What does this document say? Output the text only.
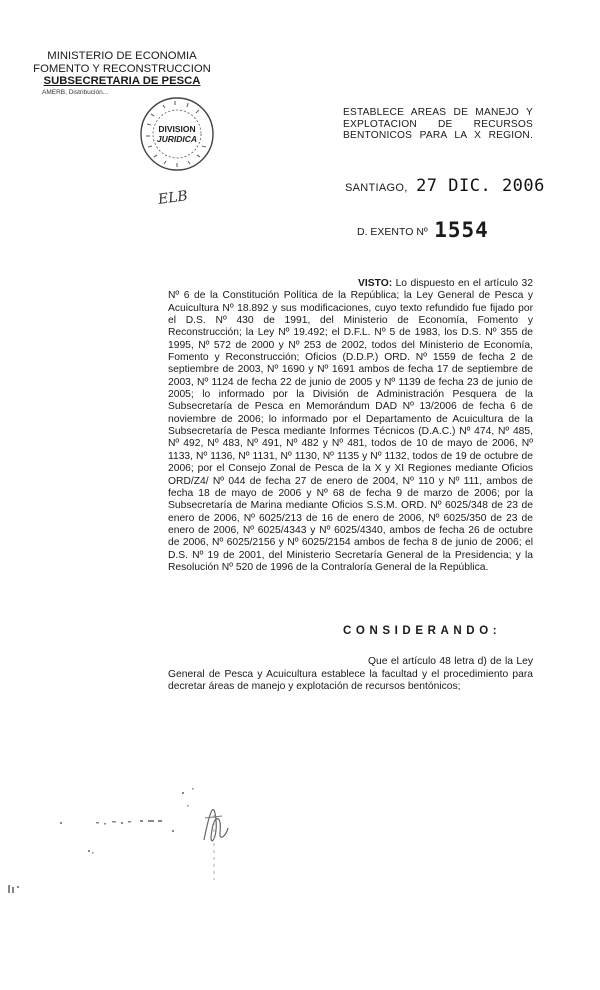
MINISTERIO DE ECONOMIA
FOMENTO Y RECONSTRUCCION
SUBSECRETARIA DE PESCA
AMERB, Distribución...
DIVISION
JURIDICA
ELB
ESTABLECE AREAS DE MANEJO Y EXPLOTACION DE RECURSOS BENTONICOS PARA LA X REGION.
SANTIAGO, 27 DIC. 2006
D. EXENTO Nº 1554
VISTO: Lo dispuesto en el artículo 32 Nº 6 de la Constitución Política de la República; la Ley General de Pesca y Acuicultura Nº 18.892 y sus modificaciones, cuyo texto refundido fue fijado por el D.S. Nº 430 de 1991, del Ministerio de Economía, Fomento y Reconstrucción; la Ley Nº 19.492; el D.F.L. Nº 5 de 1983, los D.S. Nº 355 de 1995, Nº 572 de 2000 y Nº 253 de 2002, todos del Ministerio de Economía, Fomento y Reconstrucción; Oficios (D.D.P.) ORD. Nº 1559 de fecha 2 de septiembre de 2003, Nº 1690 y Nº 1691 ambos de fecha 17 de septiembre de 2003, Nº 1124 de fecha 22 de junio de 2005 y Nº 1139 de fecha 23 de junio de 2005; lo informado por la División de Administración Pesquera de la Subsecretaría de Pesca en Memorándum DAD Nº 13/2006 de fecha 6 de noviembre de 2006; lo informado por el Departamento de Acuicultura de la Subsecretaría de Pesca mediante Informes Técnicos (D.A.C.) Nº 474, Nº 485, Nº 492, Nº 483, Nº 491, Nº 482 y Nº 481, todos de 10 de mayo de 2006, Nº 1133, Nº 1136, Nº 1131, Nº 1130, Nº 1135 y Nº 1132, todos de 19 de octubre de 2006; por el Consejo Zonal de Pesca de la X y XI Regiones mediante Oficios ORD/Z4/ Nº 044 de fecha 27 de enero de 2004, Nº 110 y Nº 111, ambos de fecha 18 de mayo de 2006 y Nº 68 de fecha 9 de marzo de 2006; por la Subsecretaría de Marina mediante Oficios S.S.M. ORD. Nº 6025/348 de 23 de enero de 2006, Nº 6025/213 de 16 de enero de 2006, Nº 6025/350 de 23 de enero de 2006, Nº 6025/4343 y Nº 6025/4340, ambos de fecha 26 de octubre de 2006, Nº 6025/2156 y Nº 6025/2154 ambos de fecha 8 de junio de 2006; el D.S. Nº 19 de 2001, del Ministerio Secretaría General de la Presidencia; y la Resolución Nº 520 de 1996 de la Contraloría General de la República.
CONSIDERANDO:
Que el artículo 48 letra d) de la Ley General de Pesca y Acuicultura establece la facultad y el procedimiento para decretar áreas de manejo y explotación de recursos bentónicos;
